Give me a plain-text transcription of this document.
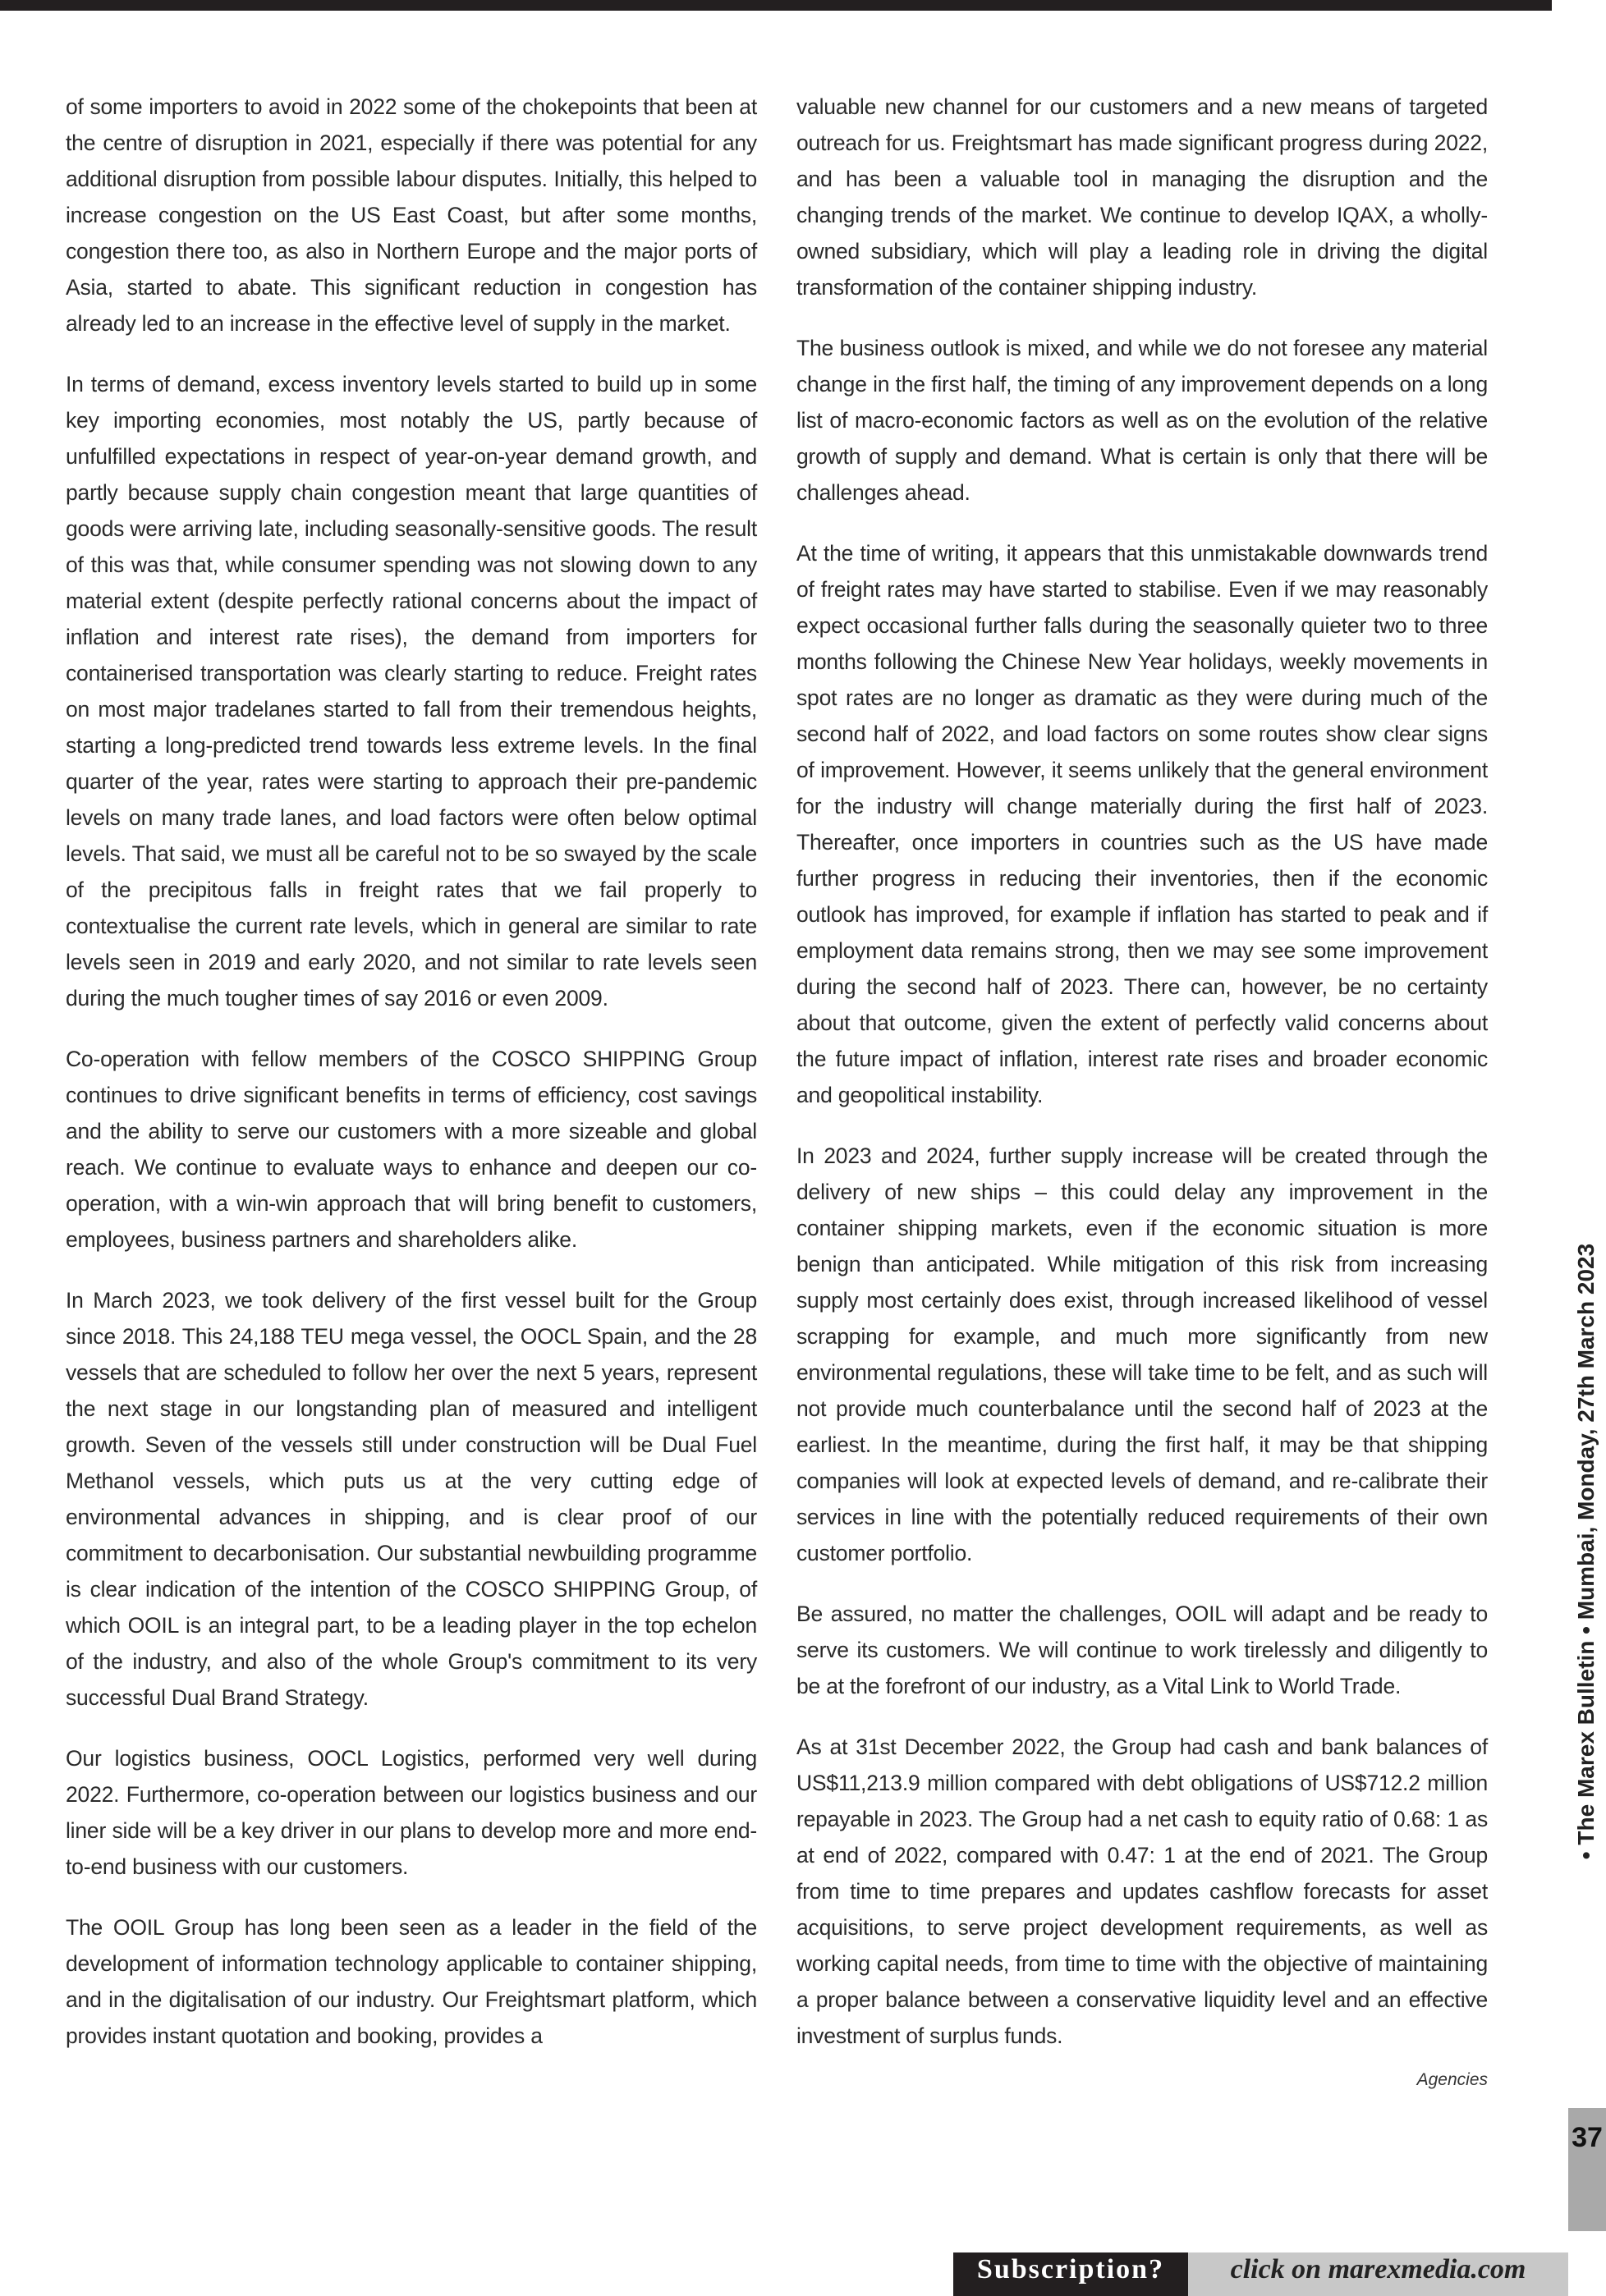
of some importers to avoid in 2022 some of the chokepoints that been at the centre of disruption in 2021, especially if there was potential for any additional disruption from possible labour disputes. Initially, this helped to increase congestion on the US East Coast, but after some months, congestion there too, as also in Northern Europe and the major ports of Asia, started to abate. This significant reduction in congestion has already led to an increase in the effective level of supply in the market.

In terms of demand, excess inventory levels started to build up in some key importing economies, most notably the US, partly because of unfulfilled expectations in respect of year-on-year demand growth, and partly because supply chain congestion meant that large quantities of goods were arriving late, including seasonally-sensitive goods. The result of this was that, while consumer spending was not slowing down to any material extent (despite perfectly rational concerns about the impact of inflation and interest rate rises), the demand from importers for containerised transportation was clearly starting to reduce. Freight rates on most major tradelanes started to fall from their tremendous heights, starting a long-predicted trend towards less extreme levels. In the final quarter of the year, rates were starting to approach their pre-pandemic levels on many trade lanes, and load factors were often below optimal levels. That said, we must all be careful not to be so swayed by the scale of the precipitous falls in freight rates that we fail properly to contextualise the current rate levels, which in general are similar to rate levels seen in 2019 and early 2020, and not similar to rate levels seen during the much tougher times of say 2016 or even 2009.

Co-operation with fellow members of the COSCO SHIPPING Group continues to drive significant benefits in terms of efficiency, cost savings and the ability to serve our customers with a more sizeable and global reach. We continue to evaluate ways to enhance and deepen our co-operation, with a win-win approach that will bring benefit to customers, employees, business partners and shareholders alike.

In March 2023, we took delivery of the first vessel built for the Group since 2018. This 24,188 TEU mega vessel, the OOCL Spain, and the 28 vessels that are scheduled to follow her over the next 5 years, represent the next stage in our longstanding plan of measured and intelligent growth. Seven of the vessels still under construction will be Dual Fuel Methanol vessels, which puts us at the very cutting edge of environmental advances in shipping, and is clear proof of our commitment to decarbonisation. Our substantial newbuilding programme is clear indication of the intention of the COSCO SHIPPING Group, of which OOIL is an integral part, to be a leading player in the top echelon of the industry, and also of the whole Group's commitment to its very successful Dual Brand Strategy.

Our logistics business, OOCL Logistics, performed very well during 2022. Furthermore, co-operation between our logistics business and our liner side will be a key driver in our plans to develop more and more end-to-end business with our customers.

The OOIL Group has long been seen as a leader in the field of the development of information technology applicable to container shipping, and in the digitalisation of our industry. Our Freightsmart platform, which provides instant quotation and booking, provides a

valuable new channel for our customers and a new means of targeted outreach for us. Freightsmart has made significant progress during 2022, and has been a valuable tool in managing the disruption and the changing trends of the market. We continue to develop IQAX, a wholly-owned subsidiary, which will play a leading role in driving the digital transformation of the container shipping industry.

The business outlook is mixed, and while we do not foresee any material change in the first half, the timing of any improvement depends on a long list of macro-economic factors as well as on the evolution of the relative growth of supply and demand. What is certain is only that there will be challenges ahead.

At the time of writing, it appears that this unmistakable downwards trend of freight rates may have started to stabilise. Even if we may reasonably expect occasional further falls during the seasonally quieter two to three months following the Chinese New Year holidays, weekly movements in spot rates are no longer as dramatic as they were during much of the second half of 2022, and load factors on some routes show clear signs of improvement. However, it seems unlikely that the general environment for the industry will change materially during the first half of 2023. Thereafter, once importers in countries such as the US have made further progress in reducing their inventories, then if the economic outlook has improved, for example if inflation has started to peak and if employment data remains strong, then we may see some improvement during the second half of 2023. There can, however, be no certainty about that outcome, given the extent of perfectly valid concerns about the future impact of inflation, interest rate rises and broader economic and geopolitical instability.

In 2023 and 2024, further supply increase will be created through the delivery of new ships – this could delay any improvement in the container shipping markets, even if the economic situation is more benign than anticipated. While mitigation of this risk from increasing supply most certainly does exist, through increased likelihood of vessel scrapping for example, and much more significantly from new environmental regulations, these will take time to be felt, and as such will not provide much counterbalance until the second half of 2023 at the earliest. In the meantime, during the first half, it may be that shipping companies will look at expected levels of demand, and re-calibrate their services in line with the potentially reduced requirements of their own customer portfolio.

Be assured, no matter the challenges, OOIL will adapt and be ready to serve its customers. We will continue to work tirelessly and diligently to be at the forefront of our industry, as a Vital Link to World Trade.

As at 31st December 2022, the Group had cash and bank balances of US$11,213.9 million compared with debt obligations of US$712.2 million repayable in 2023. The Group had a net cash to equity ratio of 0.68: 1 as at end of 2022, compared with 0.47: 1 at the end of 2021. The Group from time to time prepares and updates cashflow forecasts for asset acquisitions, to serve project development requirements, as well as working capital needs, from time to time with the objective of maintaining a proper balance between a conservative liquidity level and an effective investment of surplus funds.

Agencies
• The Marex Bulletin • Mumbai, Monday, 27th March 2023
37
Subscription?	click on marexmedia.com
